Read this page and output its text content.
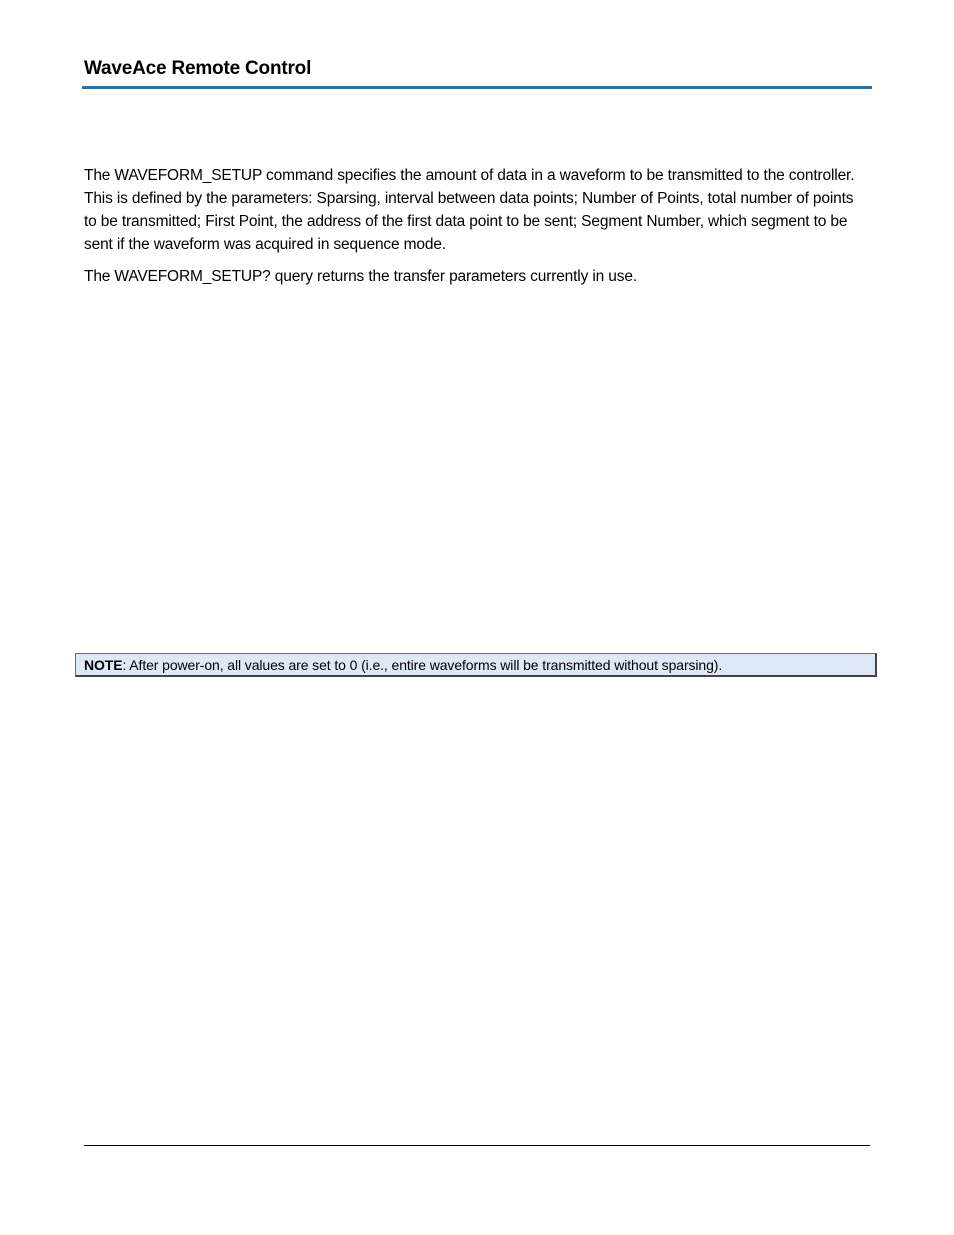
WaveAce Remote Control

The WAVEFORM_SETUP command specifies the amount of data in a waveform to be transmitted to the controller. This is defined by the parameters: Sparsing, interval between data points; Number of Points, total number of points to be transmitted; First Point, the address of the first data point to be sent; Segment Number, which segment to be sent if the waveform was acquired in sequence mode.

The WAVEFORM_SETUP? query returns the transfer parameters currently in use.

NOTE: After power-on, all values are set to 0 (i.e., entire waveforms will be transmitted without sparsing).
